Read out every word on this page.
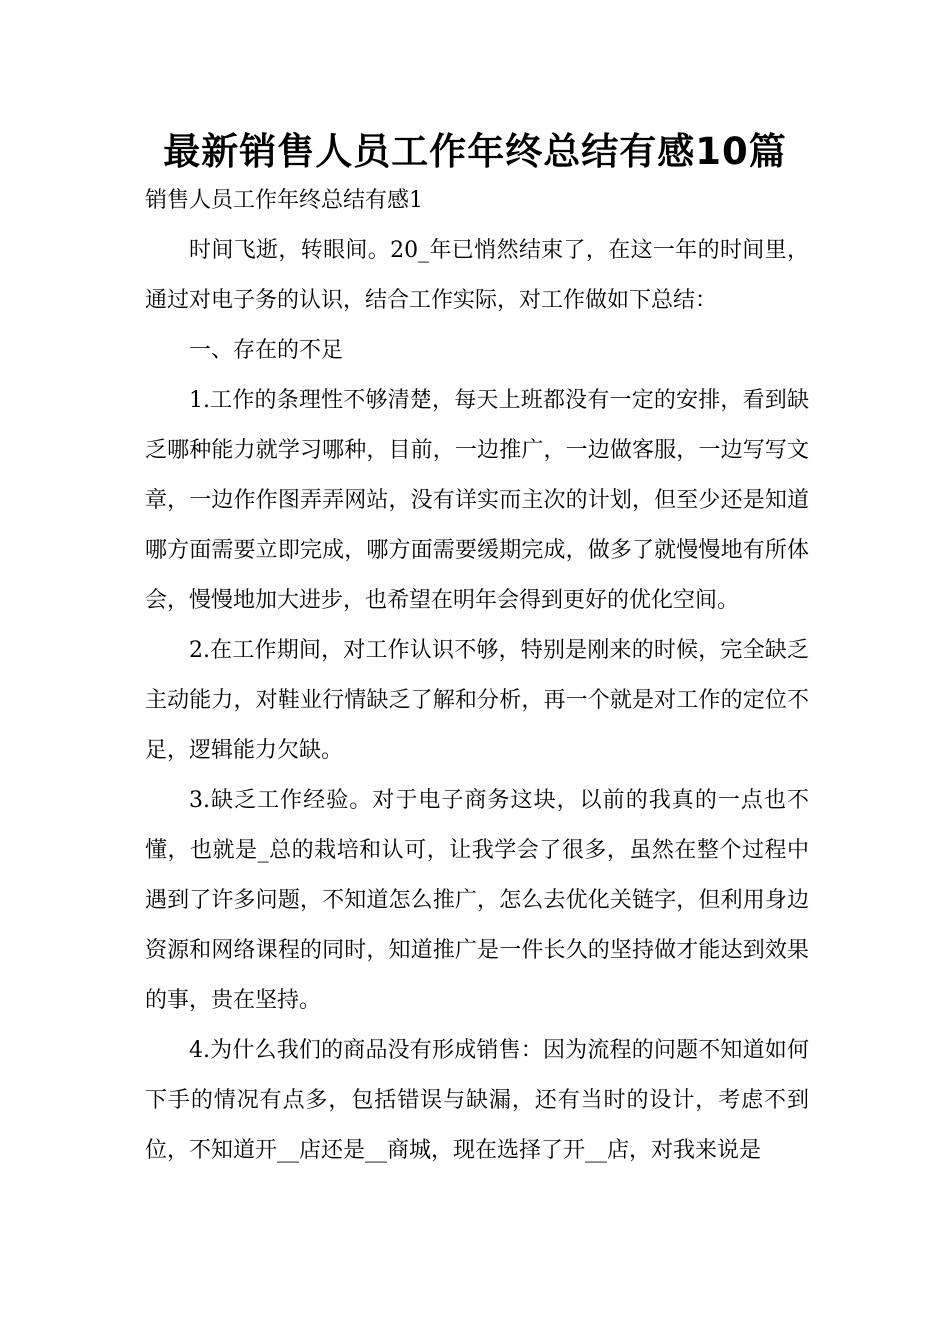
最新销售人员工作年终总结有感10篇

销售人员工作年终总结有感1

时间飞逝，转眼间。20_年已悄然结束了，在这一年的时间里，通过对电子务的认识，结合工作实际，对工作做如下总结：

一、存在的不足

1.工作的条理性不够清楚，每天上班都没有一定的安排，看到缺乏哪种能力就学习哪种，目前，一边推广，一边做客服，一边写写文章，一边作作图弄弄网站，没有详实而主次的计划，但至少还是知道哪方面需要立即完成，哪方面需要缓期完成，做多了就慢慢地有所体会，慢慢地加大进步，也希望在明年会得到更好的优化空间。

2.在工作期间，对工作认识不够，特别是刚来的时候，完全缺乏主动能力，对鞋业行情缺乏了解和分析，再一个就是对工作的定位不足，逻辑能力欠缺。

3.缺乏工作经验。对于电子商务这块，以前的我真的一点也不懂，也就是_总的栽培和认可，让我学会了很多，虽然在整个过程中遇到了许多问题，不知道怎么推广，怎么去优化关链字，但利用身边资源和网络课程的同时，知道推广是一件长久的坚持做才能达到效果的事，贵在坚持。

4.为什么我们的商品没有形成销售：因为流程的问题不知道如何下手的情况有点多，包括错误与缺漏，还有当时的设计，考虑不到位，不知道开__店还是__商城，现在选择了开__店，对我来说是
